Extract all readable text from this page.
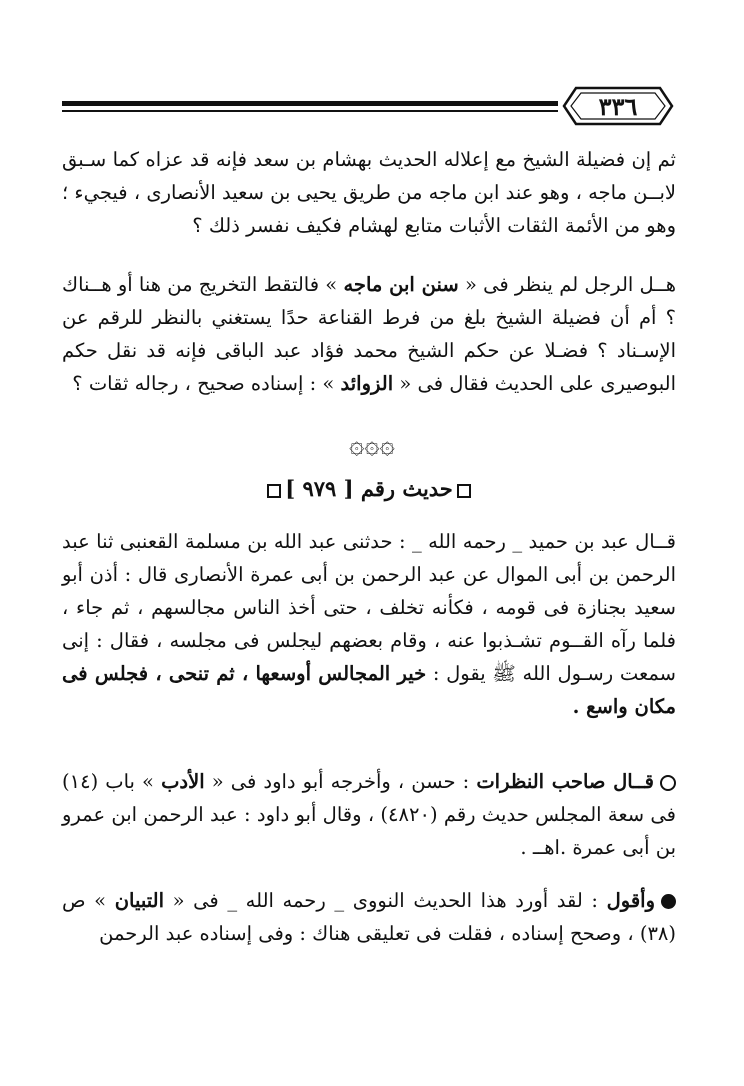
٣٣٦

ثم إن فضيلة الشيخ مع إعلاله الحديث بهشام بن سعد فإنه قد عزاه كما سـبق لابــن ماجه ، وهو عند ابن ماجه من طريق يحيى بن سعيد الأنصارى ، فيجيء ؛ وهو من الأئمة الثقات الأثبات متابع لهشام فكيف نفسر ذلك ؟

هــل الرجل لم ينظر فى « سنن ابن ماجه » فالتقط التخريج من هنا أو هــناك ؟ أم أن فضيلة الشيخ بلغ من فرط القناعة حدًا يستغني بالنظر للرقم عن الإسـناد ؟ فضـلا عن حكم الشيخ محمد فؤاد عبد الباقى فإنه قد نقل حكم البوصيرى على الحديث فقال فى « الزوائد » : إسناده صحيح ، رجاله ثقات ؟

۞۞۞
حديث رقم [ ٩٧٩ ]

قــال عبد بن حميد _ رحمه الله _ : حدثنى عبد الله بن مسلمة القعنبى ثنا عبد الرحمن بن أبى الموال عن عبد الرحمن بن أبى عمرة الأنصارى قال : أذن أبو سعيد بجنازة فى قومه ، فكأنه تخلف ، حتى أخذ الناس مجالسهم ، ثم جاء ، فلما رآه القــوم تشـذبوا عنه ، وقام بعضهم ليجلس فى مجلسه ، فقال : إنى سمعت رسـول الله ﷺ يقول : خير المجالس أوسعها ، ثم تنحى ، فجلس فى مكان واسع .

قــال صاحب النظرات : حسن ، وأخرجه أبو داود فى « الأدب » باب (١٤) فى سعة المجلس حديث رقم (٤٨٢٠) ، وقال أبو داود : عبد الرحمن ابن عمرو بن أبى عمرة .اهــ .

وأقول : لقد أورد هذا الحديث النووى _ رحمه الله _ فى « التبيان » ص (٣٨) ، وصحح إسناده ، فقلت فى تعليقى هناك : وفى إسناده عبد الرحمن
